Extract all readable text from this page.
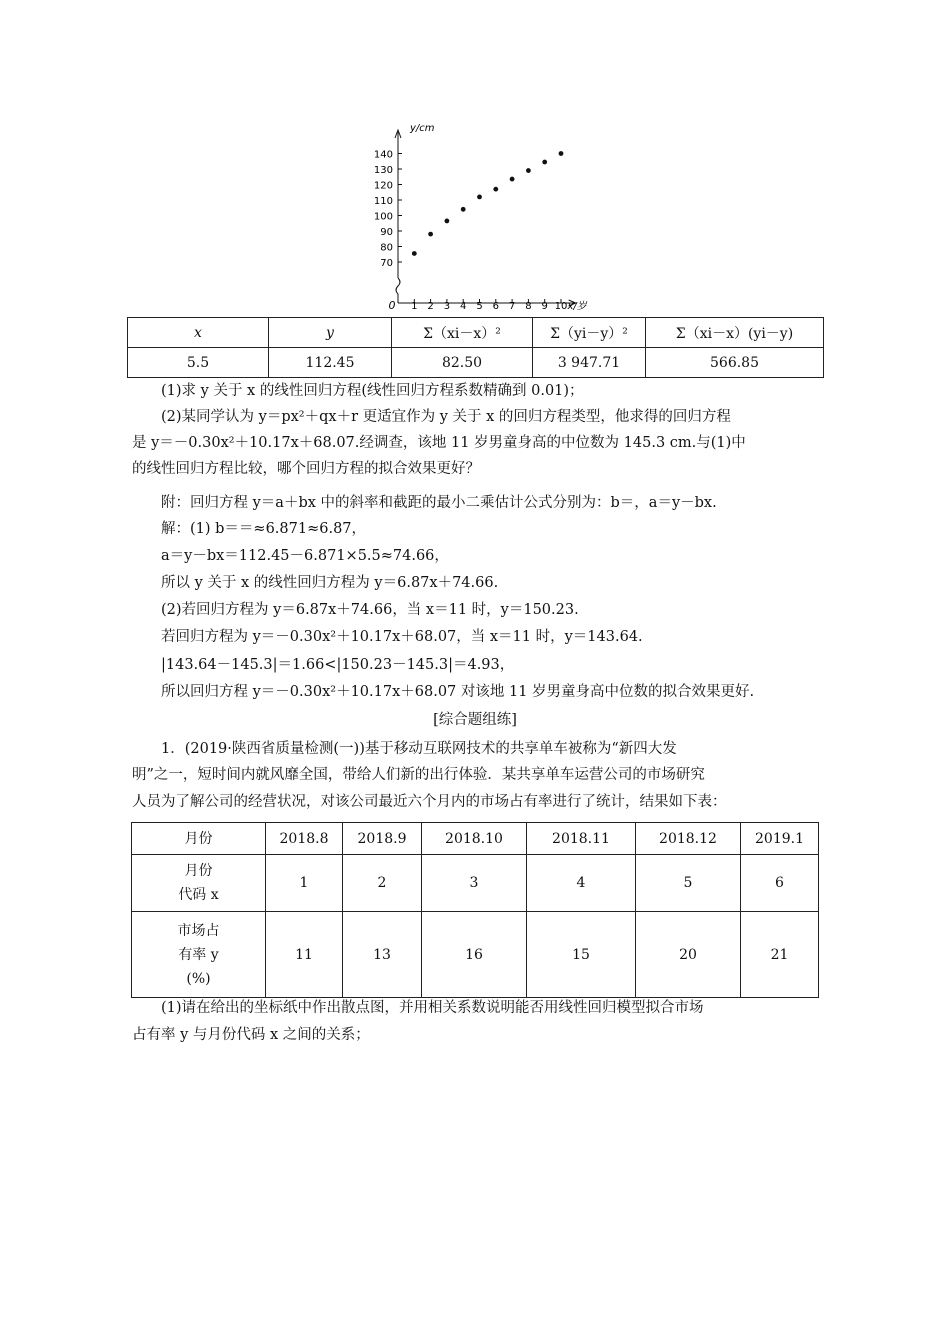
y/cm
x/岁
0
70
80
90
100
110
120
130
140
1 2 3 4 5 6 7 8 9 10
x	y	Σ（xi－x）²	Σ（yi－y）²	Σ（xi－x）(yi－y)
5.5	112.45	82.50	3 947.71	566.85
(1)求 y 关于 x 的线性回归方程(线性回归方程系数精确到 0.01)；
(2)某同学认为 y＝px²＋qx＋r 更适宜作为 y 关于 x 的回归方程类型，他求得的回归方程
是 y＝－0.30x²＋10.17x＋68.07.经调查，该地 11 岁男童身高的中位数为 145.3 cm.与(1)中
的线性回归方程比较，哪个回归方程的拟合效果更好？
附：回归方程 y＝a＋bx 中的斜率和截距的最小二乘估计公式分别为：b＝，a＝y－bx.
解：(1) b＝＝≈6.871≈6.87，
a＝y－bx＝112.45－6.871×5.5≈74.66，
所以 y 关于 x 的线性回归方程为 y＝6.87x＋74.66.
(2)若回归方程为 y＝6.87x＋74.66，当 x＝11 时，y＝150.23.
若回归方程为 y＝－0.30x²＋10.17x＋68.07，当 x＝11 时，y＝143.64.
|143.64－145.3|＝1.66<|150.23－145.3|＝4.93，
所以回归方程 y＝－0.30x²＋10.17x＋68.07 对该地 11 岁男童身高中位数的拟合效果更好.
[综合题组练]
1．(2019·陕西省质量检测(一))基于移动互联网技术的共享单车被称为“新四大发
明”之一，短时间内就风靡全国，带给人们新的出行体验．某共享单车运营公司的市场研究
人员为了解公司的经营状况，对该公司最近六个月内的市场占有率进行了统计，结果如下表：
月份	2018.8	2018.9	2018.10	2018.11	2018.12	2019.1

月份
代码 x	1	2	3	4	5	6

市场占
有率 y
(%)	11	13	16	15	20	21
(1)请在给出的坐标纸中作出散点图，并用相关系数说明能否用线性回归模型拟合市场
占有率 y 与月份代码 x 之间的关系；
